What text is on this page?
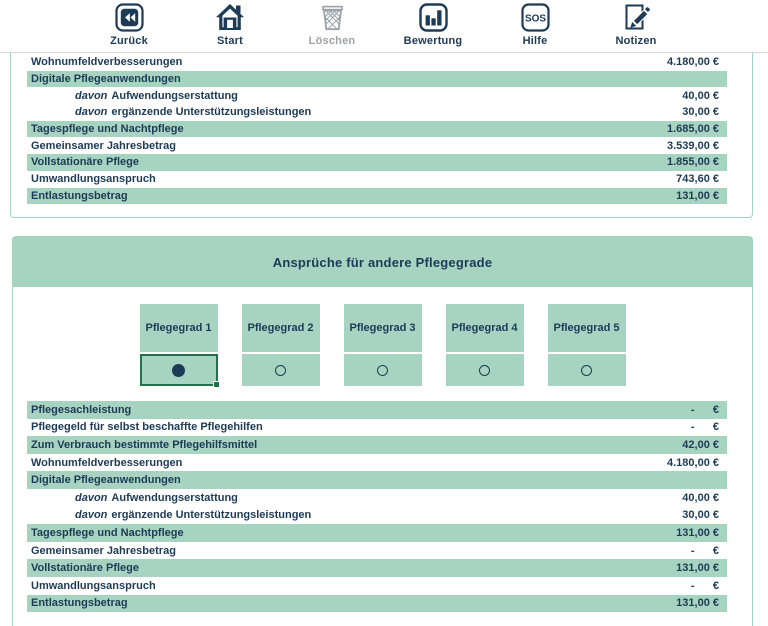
Zurück	Start	Löschen	Bewertung
SOS
Hilfe	Notizen
Wohnumfeldverbesserungen	4.180,00 €
Digitale Pflegeanwendungen
davon Aufwendungserstattung	40,00 €
davon ergänzende Unterstützungsleistungen	30,00 €
Tagespflege und Nachtpflege	1.685,00 €
Gemeinsamer Jahresbetrag	3.539,00 €
Vollstationäre Pflege	1.855,00 €
Umwandlungsanspruch	743,60 €
Entlastungsbetrag	131,00 €
Ansprüche für andere Pflegegrade
Pflegegrad 1	Pflegegrad 2	Pflegegrad 3	Pflegegrad 4	Pflegegrad 5
Pflegesachleistung	-      €
Pflegegeld für selbst beschaffte Pflegehilfen	-      €
Zum Verbrauch bestimmte Pflegehilfsmittel	42,00 €
Wohnumfeldverbesserungen	4.180,00 €
Digitale Pflegeanwendungen
davon Aufwendungserstattung	40,00 €
davon ergänzende Unterstützungsleistungen	30,00 €
Tagespflege und Nachtpflege	131,00 €
Gemeinsamer Jahresbetrag	-      €
Vollstationäre Pflege	131,00 €
Umwandlungsanspruch	-      €
Entlastungsbetrag	131,00 €
